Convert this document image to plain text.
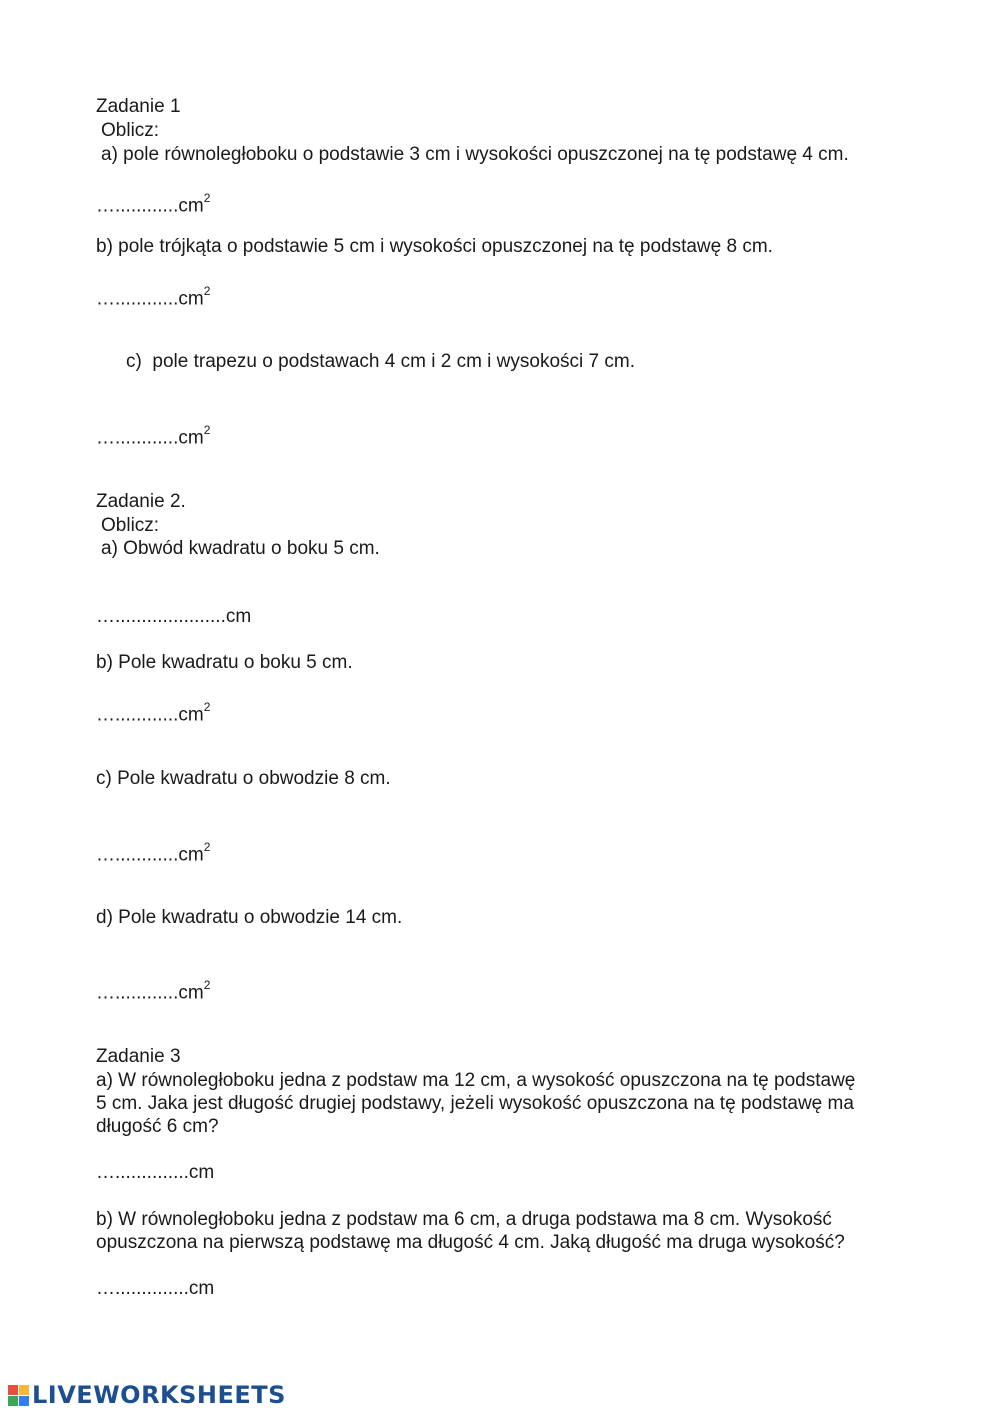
Zadanie 1
Oblicz:
a) pole równoległoboku o podstawie 3 cm i wysokości opuszczonej na tę podstawę 4 cm.
$\dots............cm^2$
b) pole trójkąta o podstawie 5 cm i wysokości opuszczonej na tę podstawę 8 cm.
$\dots............cm^2$
c) pole trapezu o podstawach 4 cm i 2 cm i wysokości 7 cm.
$\dots............cm^2$
Zadanie 2.
Oblicz:
a) Obwód kwadratu o boku 5 cm.
….....................cm
b) Pole kwadratu o boku 5 cm.
$\dots............cm^2$
c) Pole kwadratu o obwodzie 8 cm.
$\dots............cm^2$
d) Pole kwadratu o obwodzie 14 cm.
$\dots............cm^2$
Zadanie 3
a) W równoległoboku jedna z podstaw ma 12 cm, a wysokość opuszczona na tę podstawę
5 cm. Jaka jest długość drugiej podstawy, jeżeli wysokość opuszczona na tę podstawę ma
długość 6 cm?
…..............cm
b) W równoległoboku jedna z podstaw ma 6 cm, a druga podstawa ma 8 cm. Wysokość
opuszczona na pierwszą podstawę ma długość 4 cm. Jaką długość ma druga wysokość?
…..............cm
LIVEWORKSHEETS
